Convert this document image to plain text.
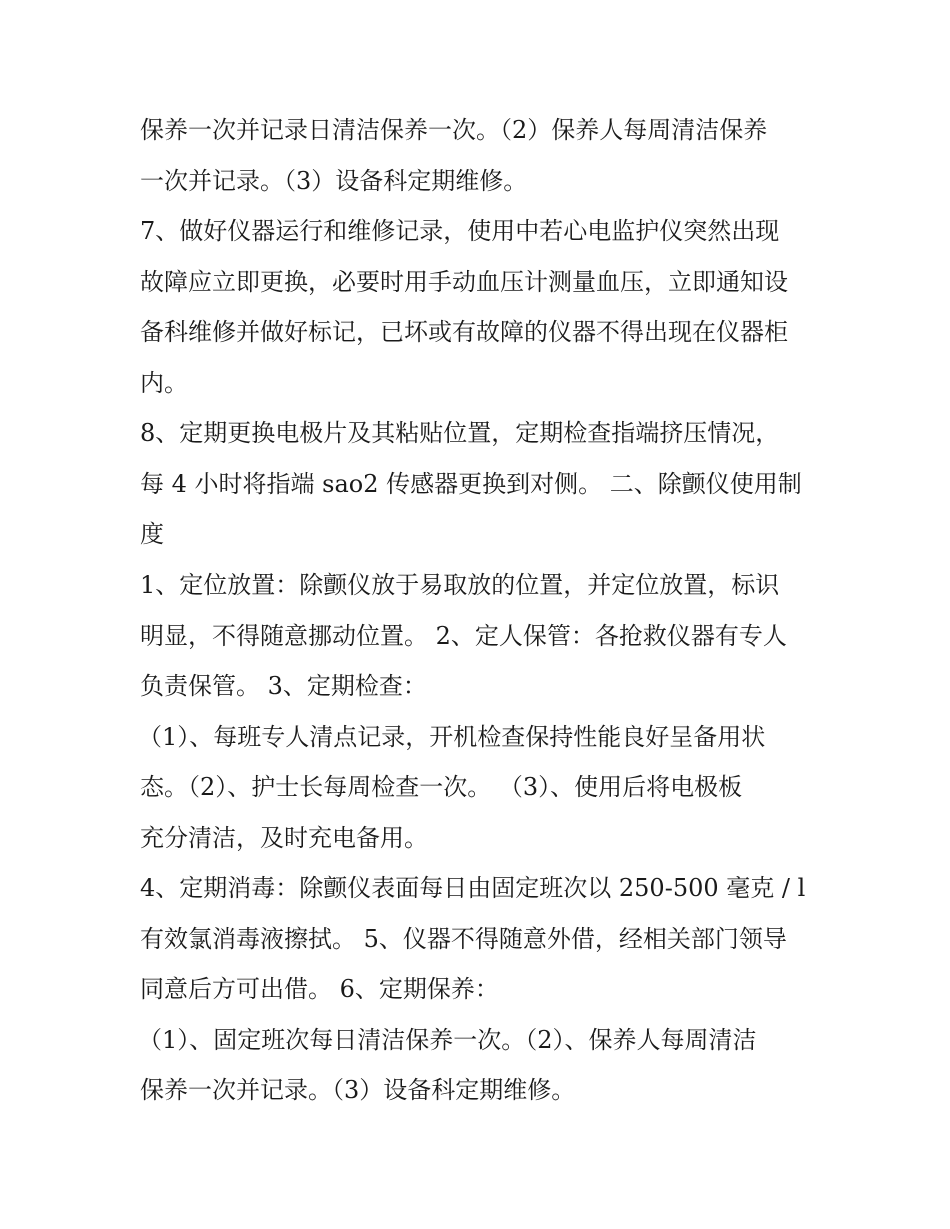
保养一次并记录日清洁保养一次。（2）保养人每周清洁保养
一次并记录。（3）设备科定期维修。
7、做好仪器运行和维修记录，使用中若心电监护仪突然出现
故障应立即更换，必要时用手动血压计测量血压，立即通知设
备科维修并做好标记，已坏或有故障的仪器不得出现在仪器柜
内。
8、定期更换电极片及其粘贴位置，定期检查指端挤压情况，
每 4 小时将指端 sao2 传感器更换到对侧。 二、除颤仪使用制
度
1、定位放置：除颤仪放于易取放的位置，并定位放置，标识
明显，不得随意挪动位置。 2、定人保管：各抢救仪器有专人
负责保管。 3、定期检查：
（1）、每班专人清点记录，开机检查保持性能良好呈备用状
态。（2）、护士长每周检查一次。 （3）、使用后将电极板
充分清洁，及时充电备用。
4、定期消毒：除颤仪表面每日由固定班次以 250-500 毫克 / l
有效氯消毒液擦拭。 5、仪器不得随意外借，经相关部门领导
同意后方可出借。 6、定期保养：
（1）、固定班次每日清洁保养一次。（2）、保养人每周清洁
保养一次并记录。（3）设备科定期维修。
